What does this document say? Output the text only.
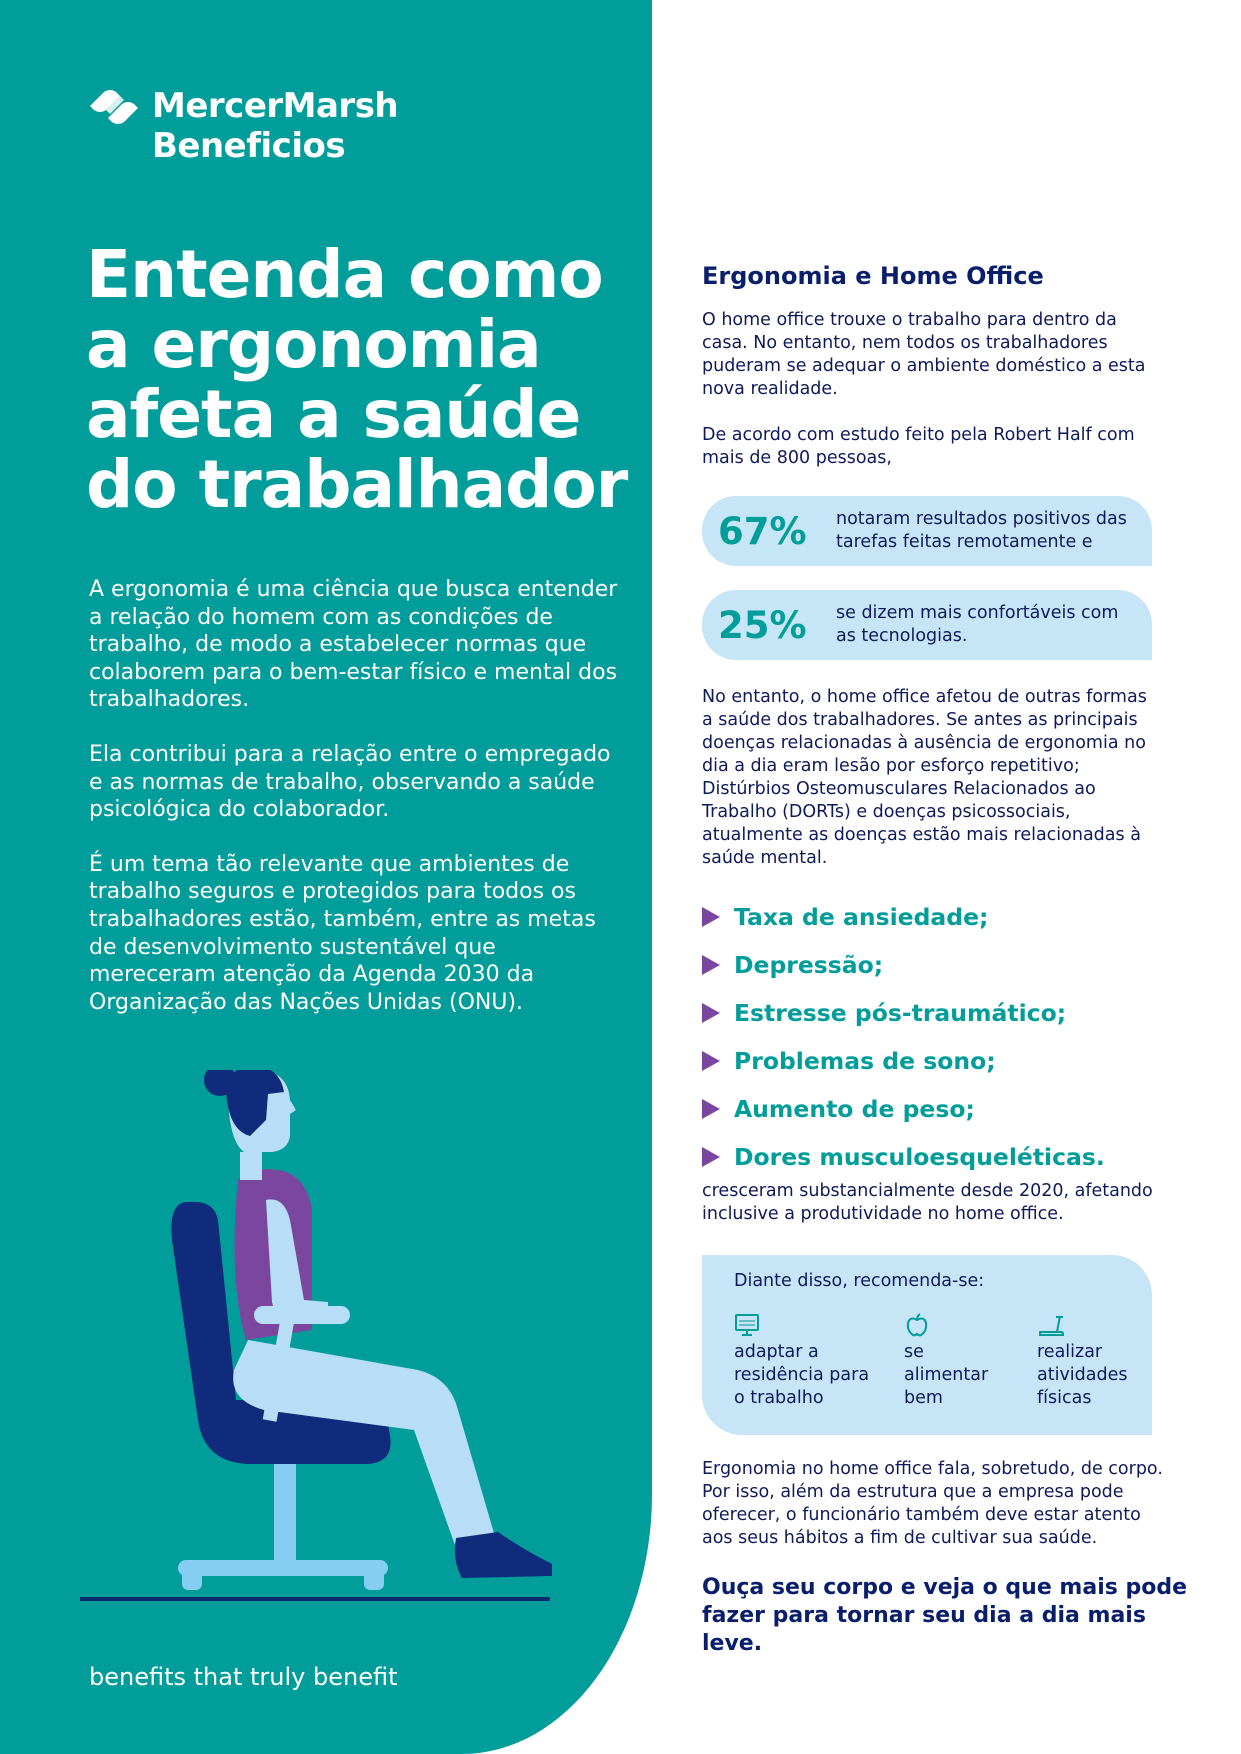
MercerMarsh
Beneficios
Entenda como a ergonomia afeta a saúde do trabalhador

A ergonomia é uma ciência que busca entender a relação do homem com as condições de trabalho, de modo a estabelecer normas que colaborem para o bem-estar físico e mental dos trabalhadores.

Ela contribui para a relação entre o empregado e as normas de trabalho, observando a saúde psicológica do colaborador.

É um tema tão relevante que ambientes de trabalho seguros e protegidos para todos os trabalhadores estão, também, entre as metas de desenvolvimento sustentável que mereceram atenção da Agenda 2030 da Organização das Nações Unidas (ONU).

benefits that truly benefit
Ergonomia e Home Office

O home office trouxe o trabalho para dentro da casa. No entanto, nem todos os trabalhadores puderam se adequar o ambiente doméstico a esta nova realidade.

De acordo com estudo feito pela Robert Half com mais de 800 pessoas,

67%	notaram resultados positivos das tarefas feitas remotamente e
25%	se dizem mais confortáveis com as tecnologias.

No entanto, o home office afetou de outras formas a saúde dos trabalhadores. Se antes as principais doenças relacionadas à ausência de ergonomia no dia a dia eram lesão por esforço repetitivo; Distúrbios Osteomusculares Relacionados ao Trabalho (DORTs) e doenças psicossociais, atualmente as doenças estão mais relacionadas à saúde mental.

Taxa de ansiedade;
Depressão;
Estresse pós-traumático;
Problemas de sono;
Aumento de peso;
Dores musculoesqueléticas.

cresceram substancialmente desde 2020, afetando inclusive a produtividade no home office.

Diante disso, recomenda-se:
adaptar a residência para o trabalho
se alimentar bem
realizar atividades físicas

Ergonomia no home office fala, sobretudo, de corpo. Por isso, além da estrutura que a empresa pode oferecer, o funcionário também deve estar atento aos seus hábitos a fim de cultivar sua saúde.

Ouça seu corpo e veja o que mais pode fazer para tornar seu dia a dia mais leve.
